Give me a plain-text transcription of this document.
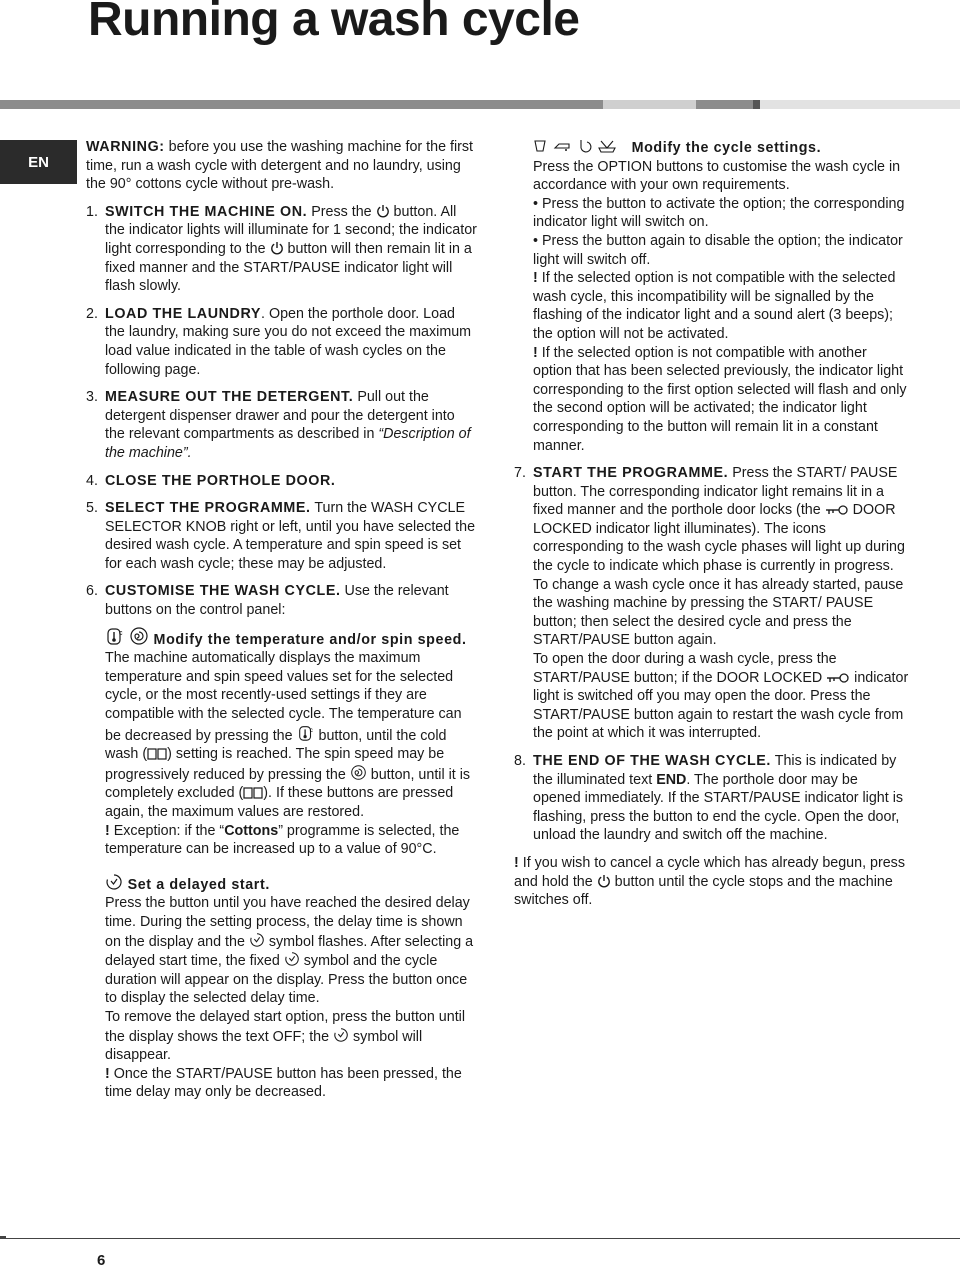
Running a wash cycle
EN

WARNING: before you use the washing machine for the first time, run a wash cycle with detergent and no laundry, using the 90° cottons cycle without pre-wash.

1. SWITCH THE MACHINE ON. Press the  button. All the indicator lights will illuminate for 1 second; the indicator light corresponding to the  button will then remain lit in a fixed manner and the START/PAUSE indicator light will flash slowly.
2. LOAD THE LAUNDRY. Open the porthole door. Load the laundry, making sure you do not exceed the maximum load value indicated in the table of wash cycles on the following page.
3. MEASURE OUT THE DETERGENT. Pull out the detergent dispenser drawer and pour the detergent into the relevant compartments as described in “Description of the machine”.
4. CLOSE THE PORTHOLE DOOR.
5. SELECT THE PROGRAMME. Turn the WASH CYCLE SELECTOR KNOB right or left, until you have selected the desired wash cycle. A temperature and spin speed is set for each wash cycle; these may be adjusted.
6. CUSTOMISE THE WASH CYCLE. Use the relevant buttons on the control panel:

c Modify the temperature and/or spin speed.

The machine automatically displays the maximum temperature and spin speed values set for the selected cycle, or the most recently-used settings if they are compatible with the selected cycle. The temperature can be decreased by pressing the c button, until the cold wash ( ) setting is reached. The spin speed may be progressively reduced by pressing the  button, until it is completely excluded ( ). If these buttons are pressed again, the maximum values are restored.

! Exception: if the “Cottons” programme is selected, the temperature can be increased up to a value of 90°C.

Set a delayed start.

Press the button until you have reached the desired delay time. During the setting process, the delay time is shown on the display and the  symbol flashes. After selecting a delayed start time, the fixed  symbol and the cycle duration will appear on the display. Press the button once to display the selected delay time.

To remove the delayed start option, press the button until the display shows the text OFF; the  symbol will disappear.

! Once the START/PAUSE button has been pressed, the time delay may only be decreased.

Modify the cycle settings.

Press the OPTION buttons to customise the wash cycle in accordance with your own requirements.

• Press the button to activate the option; the corresponding indicator light will switch on.

• Press the button again to disable the option; the indicator light will switch off.

! If the selected option is not compatible with the selected wash cycle, this incompatibility will be signalled by the flashing of the indicator light and a sound alert (3 beeps); the option will not be activated.

! If the selected option is not compatible with another option that has been selected previously, the indicator light corresponding to the first option selected will flash and only the second option will be activated; the indicator light corresponding to the button will remain lit in a constant manner.

7. START THE PROGRAMME. Press the START/ PAUSE button. The corresponding indicator light remains lit in a fixed manner and the porthole door locks (the  DOOR LOCKED indicator light illuminates). The icons corresponding to the wash cycle phases will light up during the cycle to indicate which phase is currently in progress.

To change a wash cycle once it has already started, pause the washing machine by pressing the START/ PAUSE button; then select the desired cycle and press the START/PAUSE button again.

To open the door during a wash cycle, press the START/PAUSE button; if the DOOR LOCKED  indicator light is switched off you may open the door. Press the START/PAUSE button again to restart the wash cycle from the point at which it was interrupted.

8. THE END OF THE WASH CYCLE. This is indicated by the illuminated text END. The porthole door may be opened immediately. If the START/PAUSE indicator light is flashing, press the button to end the cycle. Open the door, unload the laundry and switch off the machine.

! If you wish to cancel a cycle which has already begun, press and hold the  button until the cycle stops and the machine switches off.

6
